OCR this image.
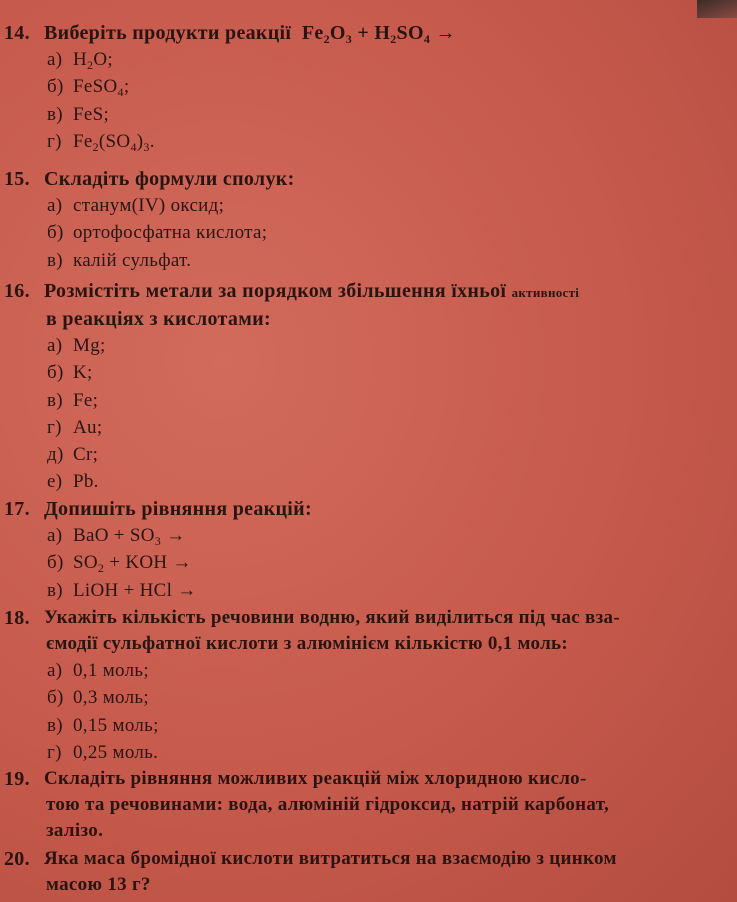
14. Виберіть продукти реакції $Fe_2O_3 + H_2SO_4$ →
а) $H_2O$;
б) FeSO$_4$;
в) FeS;
г) $Fe_2(SO_4)_3$.
15. Складіть формули сполук:
а) станум(IV) оксид;
б) ортофосфатна кислота;
в) калій сульфат.
16. Розмістіть метали за порядком збільшення їхньої активності
в реакціях з кислотами:
а) Mg;
б) K;
в) Fe;
г) Au;
д) Cr;
е) Pb.
17. Допишіть рівняння реакцій:
а) BaO + $SO_3$ →
б) $SO_2$ + KOH →
в) LiOH + HCl →
18. Укажіть кількість речовини водню, який виділиться під час вза-
ємодії сульфатної кислоти з алюмінієм кількістю 0,1 моль:
а) 0,1 моль;
б) 0,3 моль;
в) 0,15 моль;
г) 0,25 моль.
19. Складіть рівняння можливих реакцій між хлоридною кисло-
тою та речовинами: вода, алюміній гідроксид, натрій карбонат,
залізо.
20. Яка маса бромідної кислоти витратиться на взаємодію з цинком
масою 13 г?
